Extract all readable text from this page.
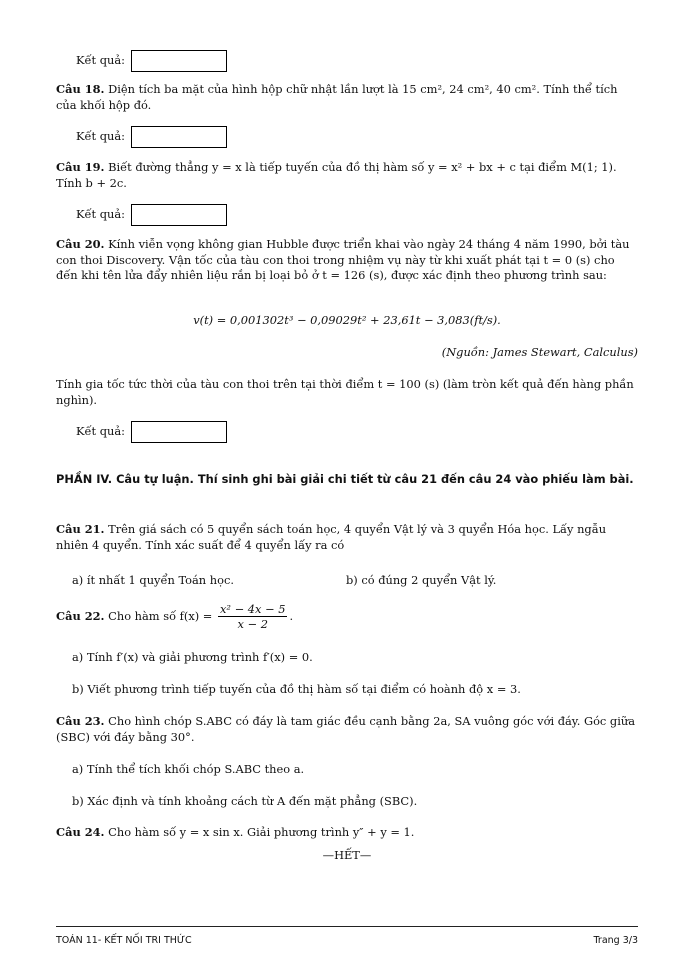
Kết quả:
Câu 18. Diện tích ba mặt của hình hộp chữ nhật lần lượt là 15 cm², 24 cm², 40 cm². Tính thể tích của khối hộp đó.
Kết quả:
Câu 19. Biết đường thẳng y = x là tiếp tuyến của đồ thị hàm số y = x² + bx + c tại điểm M(1; 1). Tính b + 2c.
Kết quả:
Câu 20. Kính viễn vọng không gian Hubble được triển khai vào ngày 24 tháng 4 năm 1990, bởi tàu con thoi Discovery. Vận tốc của tàu con thoi trong nhiệm vụ này từ khi xuất phát tại t = 0 (s) cho đến khi tên lửa đẩy nhiên liệu rắn bị loại bỏ ở t = 126 (s), được xác định theo phương trình sau:
v(t) = 0,001302t³ − 0,09029t² + 23,61t − 3,083(ft/s).
(Nguồn: James Stewart, Calculus)
Tính gia tốc tức thời của tàu con thoi trên tại thời điểm t = 100 (s) (làm tròn kết quả đến hàng phần nghìn).
Kết quả:
PHẦN IV. Câu tự luận. Thí sinh ghi bài giải chi tiết từ câu 21 đến câu 24 vào phiếu làm bài.
Câu 21. Trên giá sách có 5 quyển sách toán học, 4 quyển Vật lý và 3 quyển Hóa học. Lấy ngẫu nhiên 4 quyển. Tính xác suất để 4 quyển lấy ra có
a) ít nhất 1 quyển Toán học.	b) có đúng 2 quyển Vật lý.
Câu 22. Cho hàm số $f(x) = \frac{\text{x² − 4x − 5}}{x - 2}$ .
a) Tính f′(x) và giải phương trình f′(x) = 0.
b) Viết phương trình tiếp tuyến của đồ thị hàm số tại điểm có hoành độ x = 3.
Câu 23. Cho hình chóp S.ABC có đáy là tam giác đều cạnh bằng 2a, SA vuông góc với đáy. Góc giữa (SBC) với đáy bằng 30°.
a) Tính thể tích khối chóp S.ABC theo a.
b) Xác định và tính khoảng cách từ A đến mặt phẳng (SBC).
Câu 24. Cho hàm số y = x sin x. Giải phương trình y″ + y = 1.
—HẾT—
TOÁN 11- KẾT NỐI TRI THỨC	Trang 3/3
